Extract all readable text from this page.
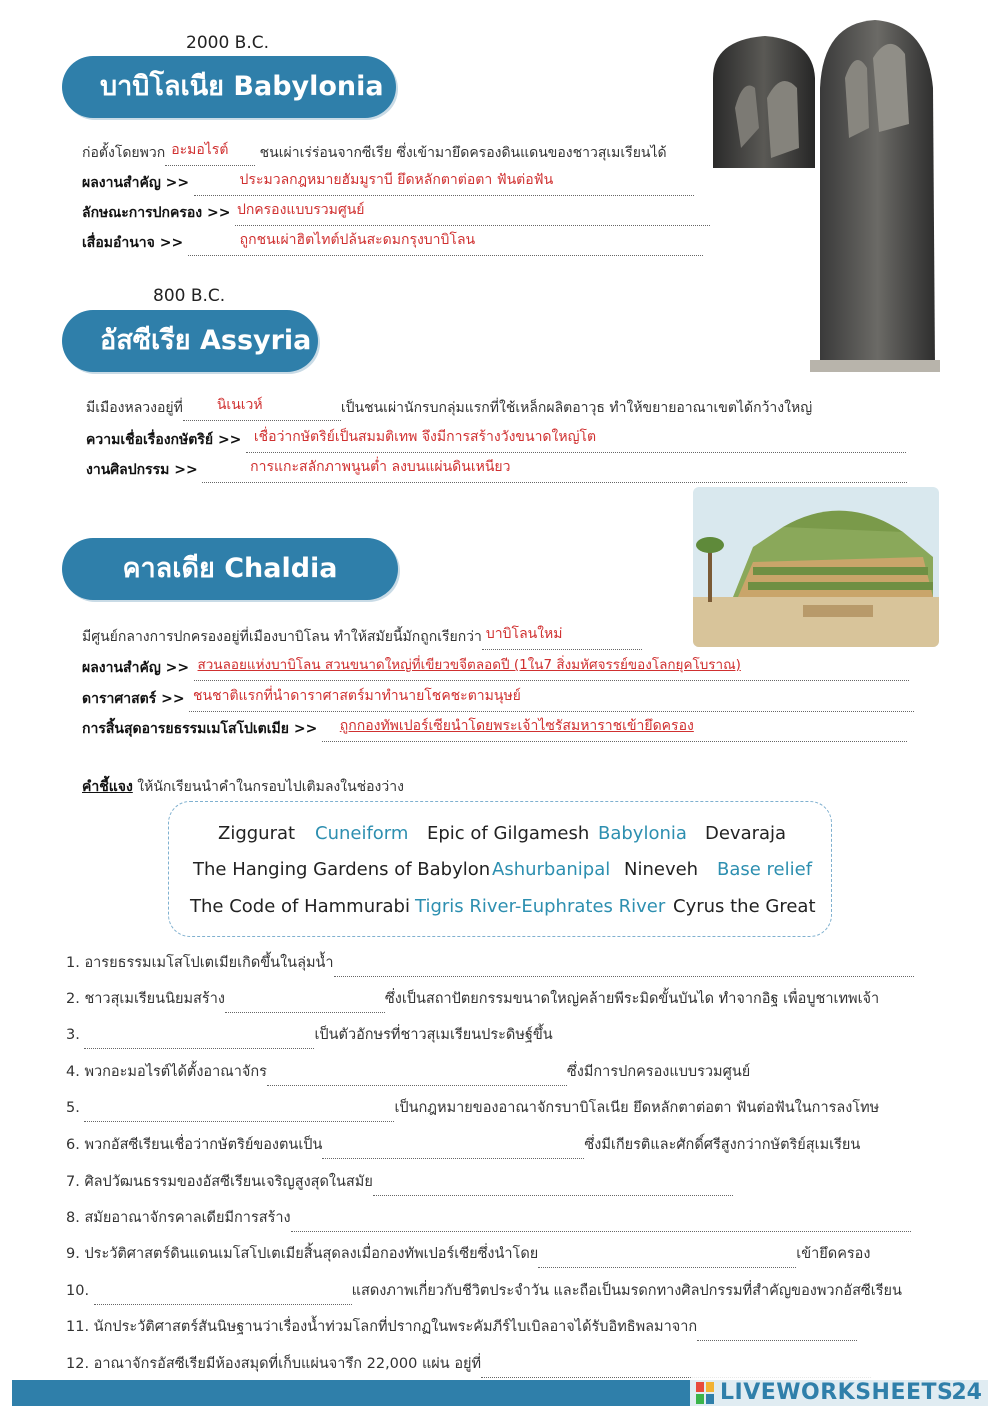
2000 B.C.
บาบิโลเนีย Babylonia
ก่อตั้งโดยพวก อะมอไรต์ ชนเผ่าเร่ร่อนจากซีเรีย ซึ่งเข้ามายึดครองดินแดนของชาวสุเมเรียนได้
ผลงานสำคัญ >>	ประมวลกฎหมายฮัมมูราบี ยึดหลักตาต่อตา ฟันต่อฟัน
ลักษณะการปกครอง >> ปกครองแบบรวมศูนย์
เสื่อมอำนาจ >>	ถูกชนเผ่าฮิตไทต์ปล้นสะดมกรุงบาบิโลน
800 B.C.
อัสซีเรีย Assyria
มีเมืองหลวงอยู่ที่ นิเนเวห์	เป็นชนเผ่านักรบกลุ่มแรกที่ใช้เหล็กผลิตอาวุธ ทำให้ขยายอาณาเขตได้กว้างใหญ่
ความเชื่อเรื่องกษัตริย์ >> เชื่อว่ากษัตริย์เป็นสมมติเทพ จึงมีการสร้างวังขนาดใหญ่โต
งานศิลปกรรม >>	การแกะสลักภาพนูนต่ำ ลงบนแผ่นดินเหนียว
คาลเดีย Chaldia
มีศูนย์กลางการปกครองอยู่ที่เมืองบาบิโลน ทำให้สมัยนี้มักถูกเรียกว่า บาบิโลนใหม่
ผลงานสำคัญ >> สวนลอยแห่งบาบิโลน สวนขนาดใหญ่ที่เขียวขจีตลอดปี (1ใน7 สิ่งมหัศจรรย์ของโลกยุคโบราณ)
ดาราศาสตร์ >> ชนชาติแรกที่นำดาราศาสตร์มาทำนายโชคชะตามนุษย์
การสิ้นสุดอารยธรรมเมโสโปเตเมีย >> ถูกกองทัพเปอร์เซียนำโดยพระเจ้าไซรัสมหาราชเข้ายึดครอง
คำชี้แจง ให้นักเรียนนำคำในกรอบไปเติมลงในช่องว่าง
Ziggurat Cuneiform Epic of Gilgamesh Babylonia Devaraja
The Hanging Gardens of Babylon Ashurbanipal Nineveh Base relief
The Code of Hammurabi Tigris River-Euphrates River Cyrus the Great
1. อารยธรรมเมโสโปเตเมียเกิดขึ้นในลุ่มน้ำ
2. ชาวสุเมเรียนนิยมสร้าง	ซึ่งเป็นสถาปัตยกรรมขนาดใหญ่คล้ายพีระมิดขั้นบันได ทำจากอิฐ เพื่อบูชาเทพเจ้า
3.	เป็นตัวอักษรที่ชาวสุเมเรียนประดิษฐ์ขึ้น
4. พวกอะมอไรต์ได้ตั้งอาณาจักร	ซึ่งมีการปกครองแบบรวมศูนย์
5.	เป็นกฎหมายของอาณาจักรบาบิโลเนีย ยึดหลักตาต่อตา ฟันต่อฟันในการลงโทษ
6. พวกอัสซีเรียนเชื่อว่ากษัตริย์ของตนเป็น	ซึ่งมีเกียรติและศักดิ์ศรีสูงกว่ากษัตริย์สุเมเรียน
7. ศิลปวัฒนธรรมของอัสซีเรียนเจริญสูงสุดในสมัย
8. สมัยอาณาจักรคาลเดียมีการสร้าง
9. ประวัติศาสตร์ดินแดนเมโสโปเตเมียสิ้นสุดลงเมื่อกองทัพเปอร์เซียซึ่งนำโดย	เข้ายึดครอง
10.	แสดงภาพเกี่ยวกับชีวิตประจำวัน และถือเป็นมรดกทางศิลปกรรมที่สำคัญของพวกอัสซีเรียน
11. นักประวัติศาสตร์สันนิษฐานว่าเรื่องน้ำท่วมโลกที่ปรากฏในพระคัมภีร์ไบเบิลอาจได้รับอิทธิพลมาจาก
12. อาณาจักรอัสซีเรียมีห้องสมุดที่เก็บแผ่นจารึก 22,000 แผ่น อยู่ที่
LIVEWORKSHEETS
24
